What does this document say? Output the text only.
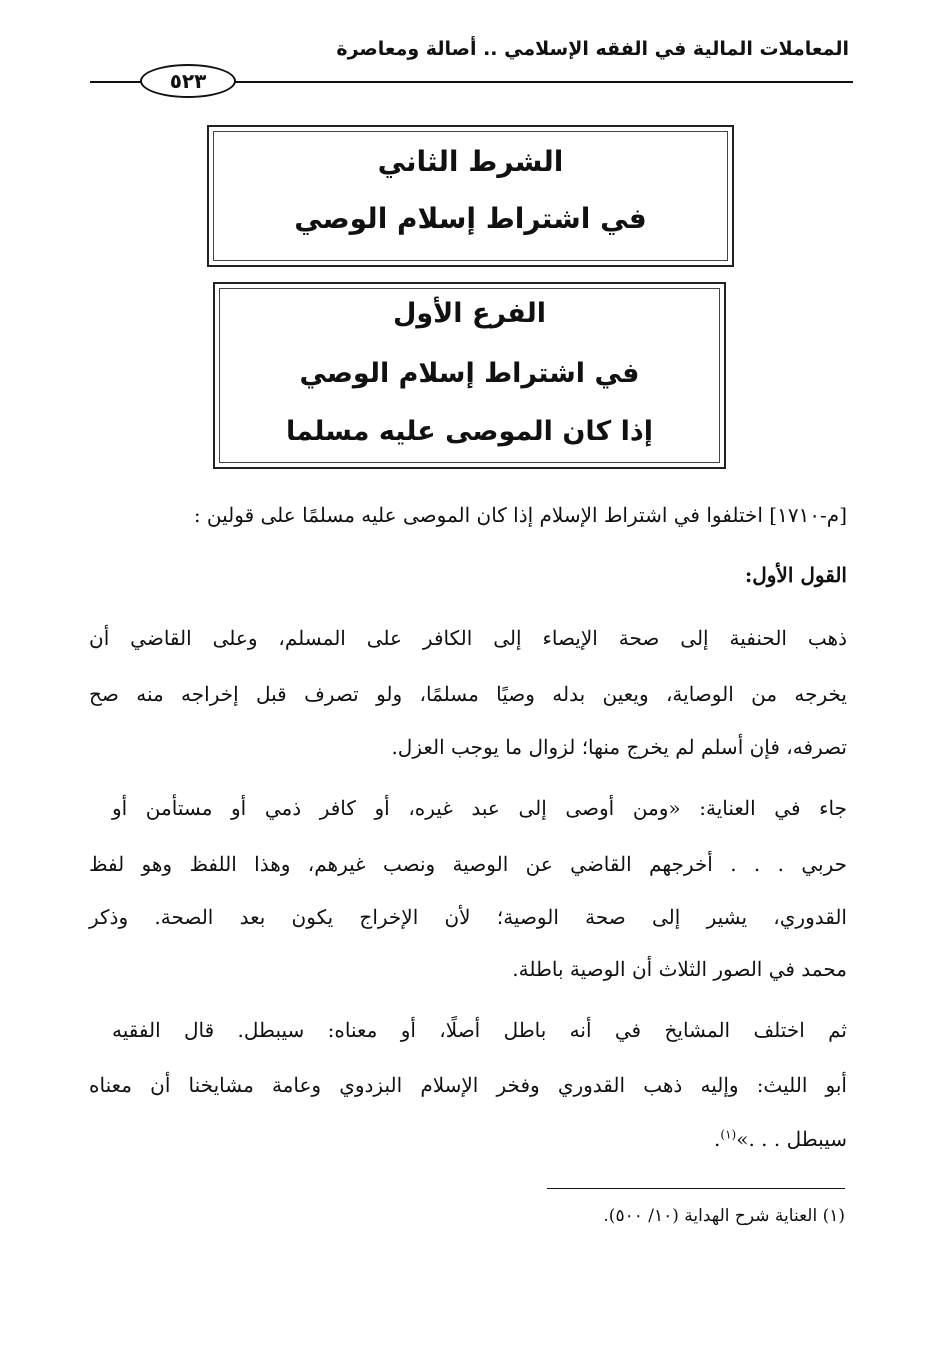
المعاملات المالية في الفقه الإسلامي .. أصالة ومعاصرة
٥٢٣
الشرط الثاني
في اشتراط إسلام الوصي
الفرع الأول
في اشتراط إسلام الوصي
إذا كان الموصى عليه مسلما
[م-١٧١٠] اختلفوا في اشتراط الإسلام إذا كان الموصى عليه مسلمًا على قولين :
القول الأول:
ذهب الحنفية إلى صحة الإيصاء إلى الكافر على المسلم، وعلى القاضي أن
يخرجه من الوصاية، ويعين بدله وصيًا مسلمًا، ولو تصرف قبل إخراجه منه صح
تصرفه، فإن أسلم لم يخرج منها؛ لزوال ما يوجب العزل.
جاء في العناية: «ومن أوصى إلى عبد غيره، أو كافر ذمي أو مستأمن أو
حربي . . . أخرجهم القاضي عن الوصية ونصب غيرهم، وهذا اللفظ وهو لفظ
القدوري، يشير إلى صحة الوصية؛ لأن الإخراج يكون بعد الصحة. وذكر
محمد في الصور الثلاث أن الوصية باطلة.
ثم اختلف المشايخ في أنه باطل أصلًا، أو معناه: سيبطل. قال الفقيه
أبو الليث: وإليه ذهب القدوري وفخر الإسلام البزدوي وعامة مشايخنا أن معناه
سيبطل . . .»$^{(١)}$.
(١) العناية شرح الهداية (١٠/ ٥٠٠).
